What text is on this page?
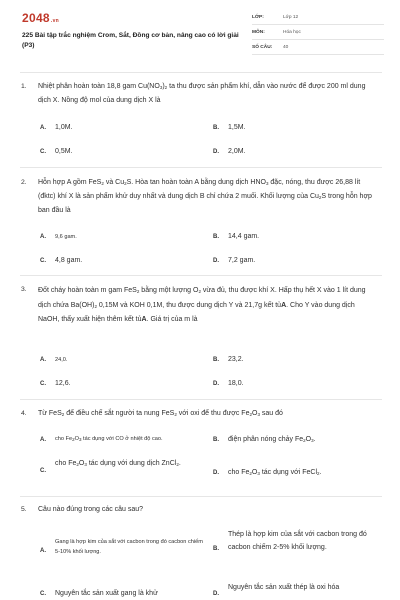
2048.vn
225 Bài tập trắc nghiệm Crom, Sắt, Đồng cơ bản, nâng cao có lời giải (P3)
LỚP:	Lớp 12
MÔN:	Hóa học
SỐ CÂU: 40
1. Nhiệt phân hoàn toàn 18,8 gam $Cu(NO_3)_2$ ta thu được sản phẩm khí, dẫn vào nước để được 200 ml dung dịch X. Nồng độ mol của dung dịch X là
A. 1,0M.	B. 1,5M.
C. 0,5M.	D. 2,0M.
2. Hỗn hợp A gồm FeS$_2$ và $Cu_2S$. Hòa tan hoàn toàn A bằng dung dịch $HNO_3$ đặc, nóng, thu được 26,88 lít (đktc) khí X là sản phẩm khử duy nhất và dung dịch B chỉ chứa 2 muối. Khối lượng của $Cu_2S$ trong hỗn hợp ban đầu là
A. 9,6 gam.	B. 14,4 gam.
C. 4,8 gam.	D. 7,2 gam.
3. Đốt cháy hoàn toàn m gam FeS$_2$ bằng một lượng $O_2$ vừa đủ, thu được khí X. Hấp thụ hết X vào 1 lít dung dịch chứa $Ba(OH)_2$ 0,15M và KOH 0,1M, thu được dung dịch Y và 21,7g kết tủA. Cho Y vào dung dịch NaOH, thấy xuất hiện thêm kết tủA. Giá trị của m là
A. 24,0.	B. 23,2.
C. 12,6.	D. 18,0.
4. Từ FeS$_2$ để điều chế sắt người ta nung FeS$_2$ với oxi để thu được $Fe_2O_3$ sau đó
A. cho $Fe_2O_3$ tác dụng với CO ở nhiệt độ cao.	B. điện phân nóng chảy $Fe_2O_3$.
C.
cho $Fe_2O_3$ tác dụng với dung dịch ZnCl$_2$.
D. cho $Fe_2O_3$ tác dụng với FeCl$_2$.
5. Câu nào đúng trong các câu sau?
A.
Gang là hợp kim của sắt với cacbon trong đó cacbon chiếm 5-10% khối lượng.	B.
Thép là hợp kim của sắt với cacbon trong đó cacbon chiếm 2-5% khối lượng.
C. Nguyên tắc sản xuất gang là khử	D.
Nguyên tắc sản xuất thép là oxi hóa
